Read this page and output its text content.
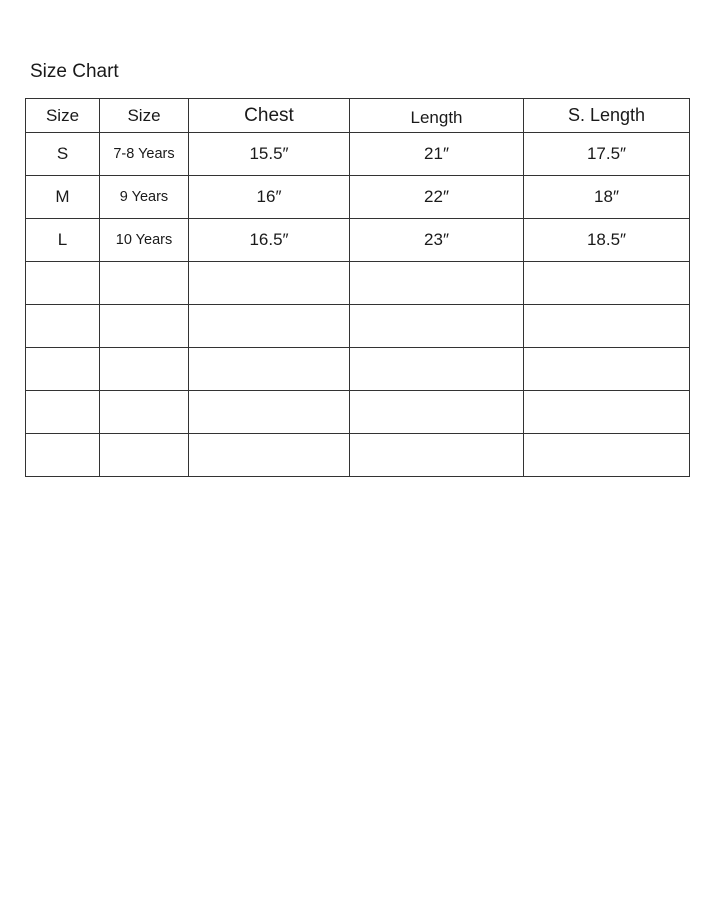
Size Chart
Size	Size	Chest	Length	S. Length
S	7-8 Years	15.5″	21″	17.5″
M	9 Years	16″	22″	18″
L	10 Years	16.5″	23″	18.5″
